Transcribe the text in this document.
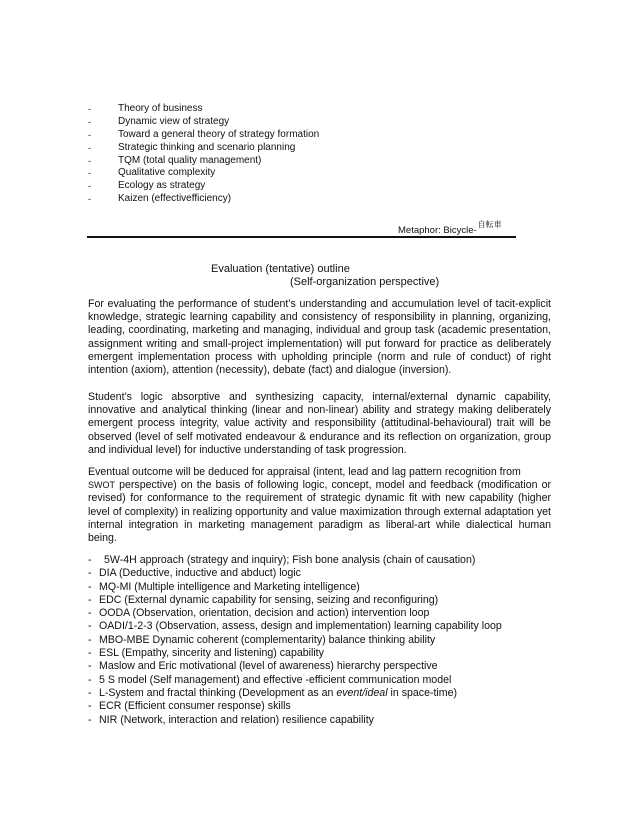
-	Theory of business
-	Dynamic view of strategy
-	Toward a general theory of strategy formation
-	Strategic thinking and scenario planning
-	TQM (total quality management)
-	Qualitative complexity
-	Ecology as strategy
-	Kaizen (effectivefficiency)
Metaphor: Bicycle-$^{自転車}$
Evaluation (tentative) outline
(Self-organization perspective)

For evaluating the performance of student’s understanding and accumulation level of tacit-explicit knowledge, strategic learning capability and consistency of responsibility in planning, organizing, leading, coordinating, marketing and managing, individual and group task (academic presentation, assignment writing and small-project implementation) will put forward for practice as deliberately emergent implementation process with upholding principle (norm and rule of conduct) of right intention (axiom), attention (necessity), debate (fact) and dialogue (inversion).

Student’s logic absorptive and synthesizing capacity, internal/external dynamic capability, innovative and analytical thinking (linear and non-linear) ability and strategy making deliberately emergent process integrity, value activity and responsibility (attitudinal-behavioural) trait will be observed (level of self motivated endeavour & endurance and its reflection on organization, group and individual level) for inductive understanding of task progression.

Eventual outcome will be deduced for appraisal (intent, lead and lag pattern recognition from
SWOT perspective) on the basis of following logic, concept, model and feedback (modification or revised) for conformance to the requirement of strategic dynamic fit with new capability (higher level of complexity) in realizing opportunity and value maximization through external adaptation yet internal integration in marketing management paradigm as liberal-art while dialectical human being.

-	5W-4H approach (strategy and inquiry); Fish bone analysis (chain of causation)
- DIA (Deductive, inductive and abduct) logic
- MQ-MI (Multiple intelligence and Marketing intelligence)
- EDC (External dynamic capability for sensing, seizing and reconfiguring)
- OODA (Observation, orientation, decision and action) intervention loop
- OADI/1-2-3 (Observation, assess, design and implementation) learning capability loop
- MBO-MBE Dynamic coherent (complementarity) balance thinking ability
- ESL (Empathy, sincerity and listening) capability
- Maslow and Eric motivational (level of awareness) hierarchy perspective
- 5 S model (Self management) and effective -efficient communication model
- L-System and fractal thinking (Development as an event/ideal in space-time)
- ECR (Efficient consumer response) skills
- NIR (Network, interaction and relation) resilience capability
